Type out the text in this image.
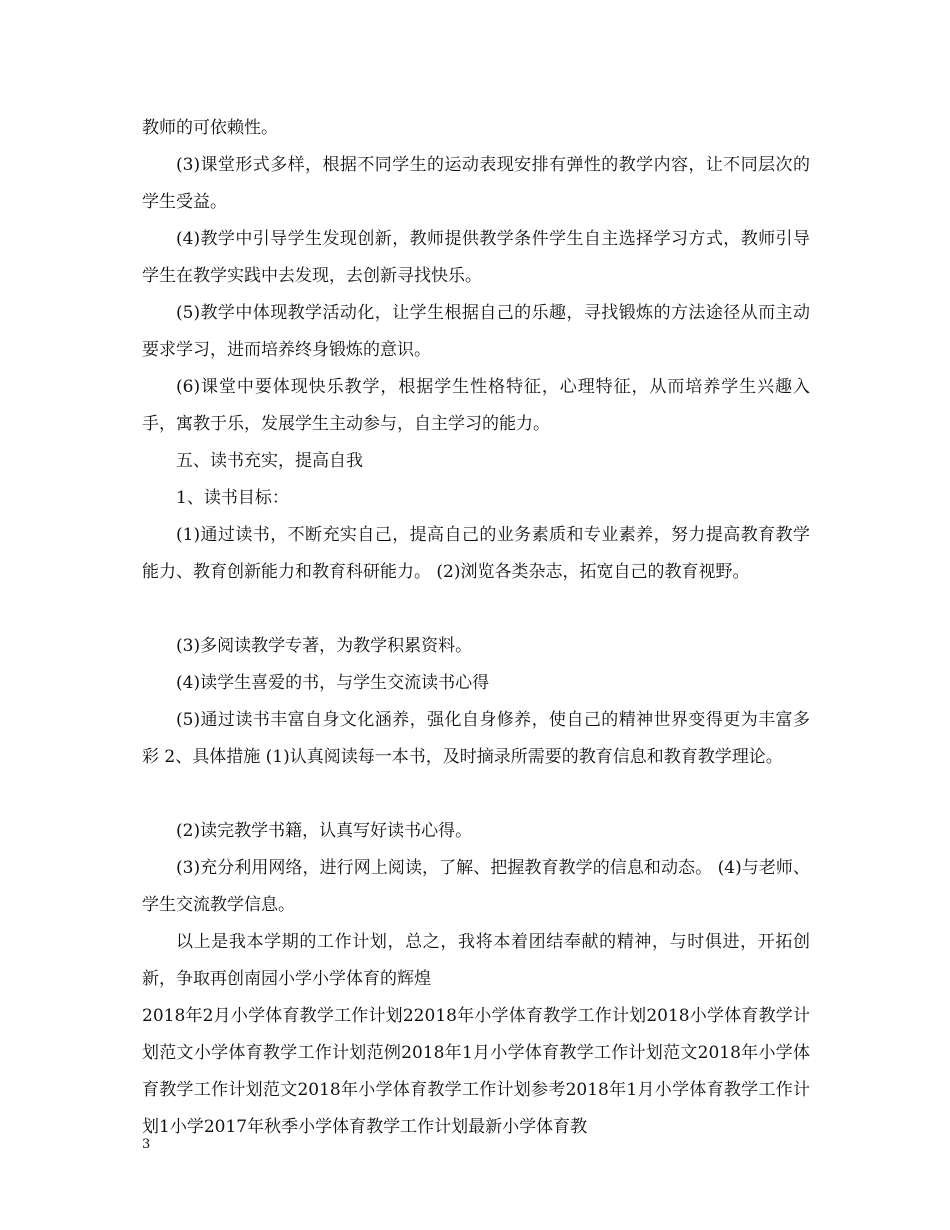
教师的可依赖性。

(3)课堂形式多样，根据不同学生的运动表现安排有弹性的教学内容，让不同层次的学生受益。

(4)教学中引导学生发现创新，教师提供教学条件学生自主选择学习方式，教师引导学生在教学实践中去发现，去创新寻找快乐。

(5)教学中体现教学活动化，让学生根据自己的乐趣，寻找锻炼的方法途径从而主动要求学习，进而培养终身锻炼的意识。

(6)课堂中要体现快乐教学，根据学生性格特征，心理特征，从而培养学生兴趣入手，寓教于乐，发展学生主动参与，自主学习的能力。

五、读书充实，提高自我

1、读书目标：

(1)通过读书，不断充实自己，提高自己的业务素质和专业素养，努力提高教育教学能力、教育创新能力和教育科研能力。 (2)浏览各类杂志，拓宽自己的教育视野。

(3)多阅读教学专著，为教学积累资料。

(4)读学生喜爱的书，与学生交流读书心得

(5)通过读书丰富自身文化涵养，强化自身修养，使自己的精神世界变得更为丰富多彩 2、具体措施 (1)认真阅读每一本书，及时摘录所需要的教育信息和教育教学理论。

(2)读完教学书籍，认真写好读书心得。

(3)充分利用网络，进行网上阅读，了解、把握教育教学的信息和动态。 (4)与老师、学生交流教学信息。

以上是我本学期的工作计划，总之，我将本着团结奉献的精神，与时俱进，开拓创新，争取再创南园小学小学体育的辉煌

2018年2月小学体育教学工作计划22018年小学体育教学工作计划2018小学体育教学计划范文小学体育教学工作计划范例2018年1月小学体育教学工作计划范文2018年小学体育教学工作计划范文2018年小学体育教学工作计划参考2018年1月小学体育教学工作计划1小学2017年秋季小学体育教学工作计划最新小学体育教

3
